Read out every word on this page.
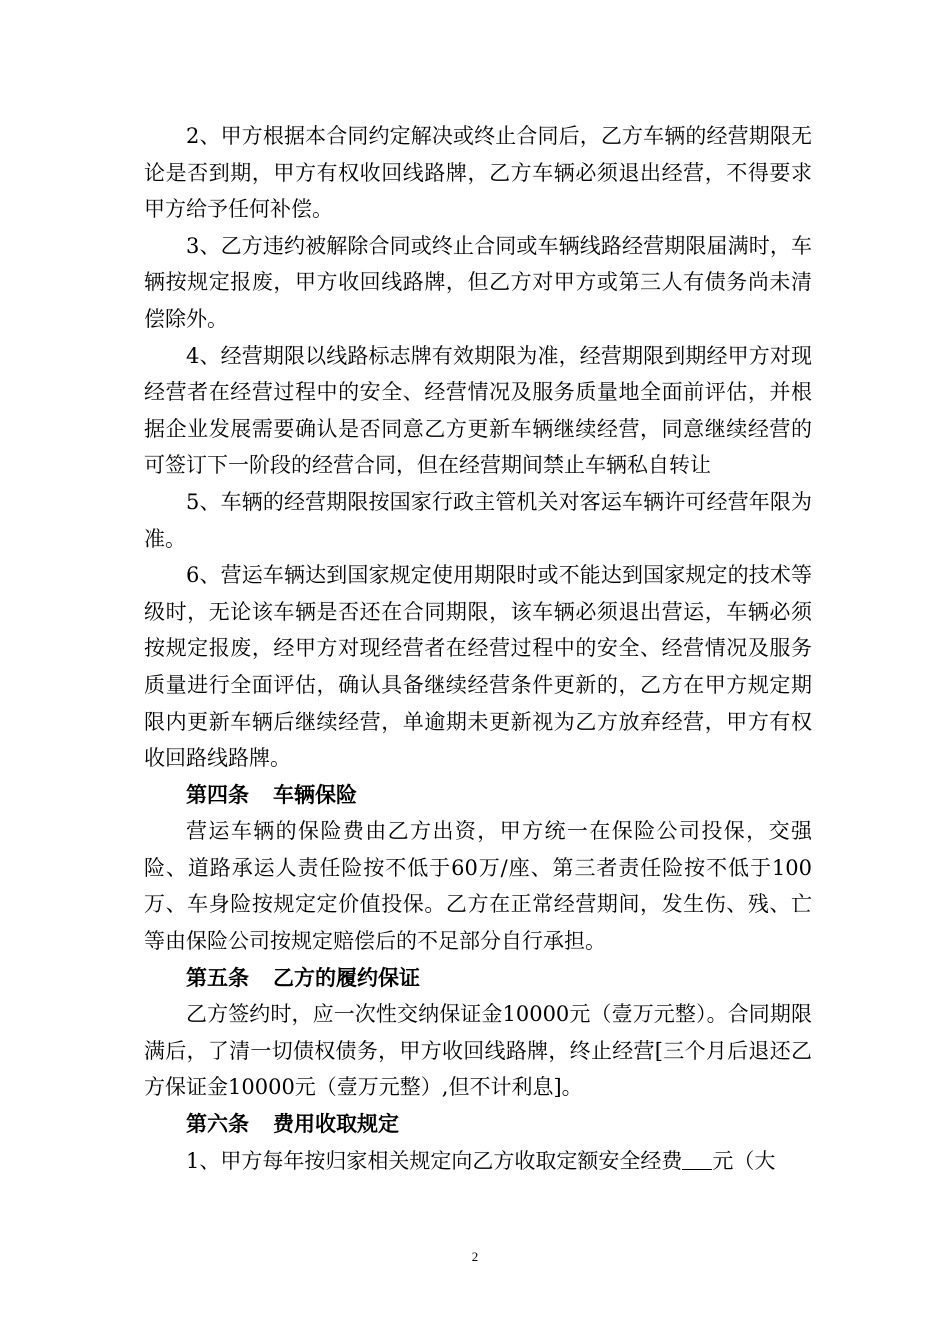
2、甲方根据本合同约定解决或终止合同后，乙方车辆的经营期限无论是否到期，甲方有权收回线路牌，乙方车辆必须退出经营，不得要求甲方给予任何补偿。

3、乙方违约被解除合同或终止合同或车辆线路经营期限届满时，车辆按规定报废，甲方收回线路牌，但乙方对甲方或第三人有债务尚未清偿除外。

4、经营期限以线路标志牌有效期限为准，经营期限到期经甲方对现经营者在经营过程中的安全、经营情况及服务质量地全面前评估，并根据企业发展需要确认是否同意乙方更新车辆继续经营，同意继续经营的可签订下一阶段的经营合同，但在经营期间禁止车辆私自转让

5、车辆的经营期限按国家行政主管机关对客运车辆许可经营年限为准。

6、营运车辆达到国家规定使用期限时或不能达到国家规定的技术等级时，无论该车辆是否还在合同期限，该车辆必须退出营运，车辆必须按规定报废，经甲方对现经营者在经营过程中的安全、经营情况及服务质量进行全面评估，确认具备继续经营条件更新的，乙方在甲方规定期限内更新车辆后继续经营，单逾期未更新视为乙方放弃经营，甲方有权收回路线路牌。

第四条 车辆保险

营运车辆的保险费由乙方出资，甲方统一在保险公司投保，交强险、道路承运人责任险按不低于60万/座、第三者责任险按不低于100万、车身险按规定定价值投保。乙方在正常经营期间，发生伤、残、亡等由保险公司按规定赔偿后的不足部分自行承担。

第五条 乙方的履约保证

乙方签约时，应一次性交纳保证金10000元（壹万元整）。合同期限满后，了清一切债权债务，甲方收回线路牌，终止经营[三个月后退还乙方保证金10000元（壹万元整）,但不计利息]。

第六条 费用收取规定

1、甲方每年按归家相关规定向乙方收取定额安全经费 元（大

2
